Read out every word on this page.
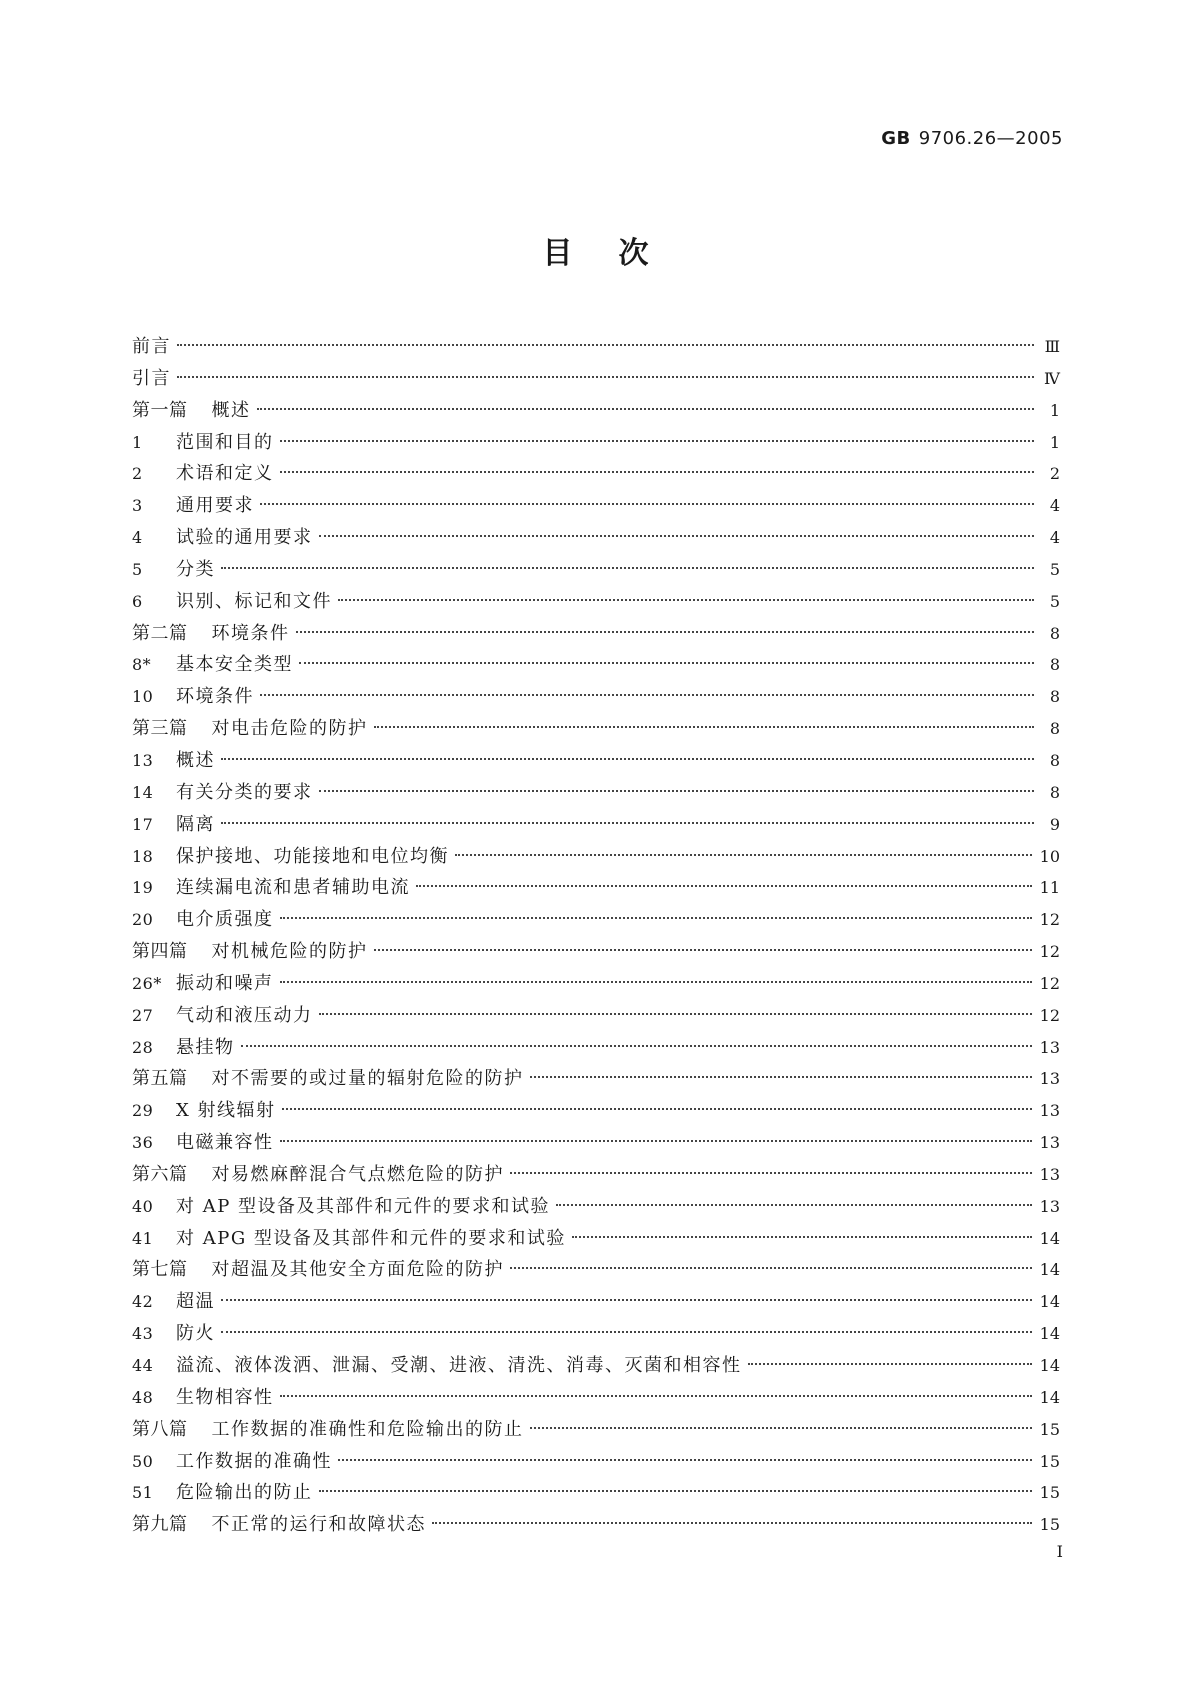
GB 9706.26—2005
目次
前言	Ⅲ
引言	Ⅳ
第一篇 概述	1
1	范围和目的	1
2	术语和定义	2
3	通用要求	4
4	试验的通用要求	4
5	分类	5
6	识别、标记和文件	5
第二篇 环境条件	8
8*	基本安全类型	8
10	环境条件	8
第三篇 对电击危险的防护	8
13	概述	8
14	有关分类的要求	8
17	隔离	9
18	保护接地、功能接地和电位均衡	10
19	连续漏电流和患者辅助电流	11
20	电介质强度	12
第四篇 对机械危险的防护	12
26* 振动和噪声	12
27	气动和液压动力	12
28	悬挂物	13
第五篇 对不需要的或过量的辐射危险的防护	13
29	X 射线辐射	13
36	电磁兼容性	13
第六篇 对易燃麻醉混合气点燃危险的防护	13
40	对 AP 型设备及其部件和元件的要求和试验	13
41	对 APG 型设备及其部件和元件的要求和试验	14
第七篇 对超温及其他安全方面危险的防护	14
42	超温	14
43	防火	14
44	溢流、液体泼洒、泄漏、受潮、进液、清洗、消毒、灭菌和相容性	14
48	生物相容性	14
第八篇 工作数据的准确性和危险输出的防止	15
50	工作数据的准确性	15
51	危险输出的防止	15
第九篇 不正常的运行和故障状态	15
Ⅰ
